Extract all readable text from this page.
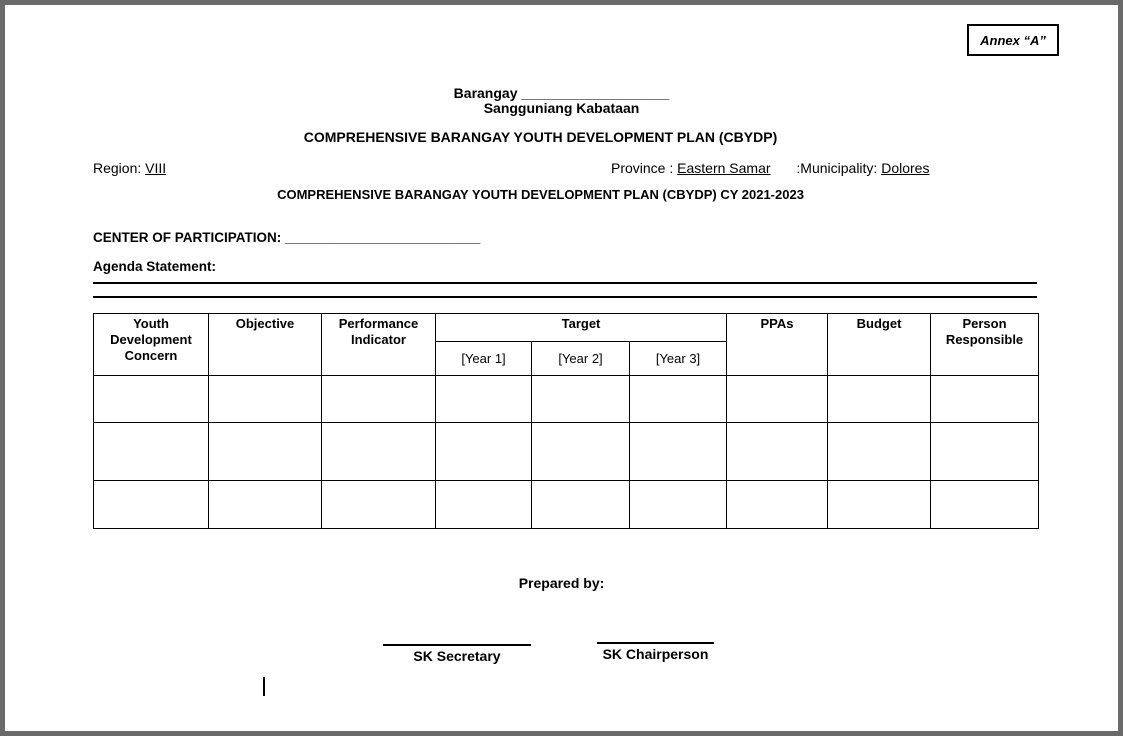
Annex “A”
Barangay ___________________
Sangguniang Kabataan
COMPREHENSIVE BARANGAY YOUTH DEVELOPMENT PLAN (CBYDP)
Region: VIII	Province : Eastern Samar :Municipality: Dolores
COMPREHENSIVE BARANGAY YOUTH DEVELOPMENT PLAN (CBYDP) CY 2021-2023
CENTER OF PARTICIPATION: __________________________
Agenda Statement:
Youth Development Concern	Objective	Performance Indicator	Target			PPAs	Budget	Person Responsible
			[Year 1]	[Year 2]	[Year 3]			

Prepared by:
SK Secretary	SK Chairperson
